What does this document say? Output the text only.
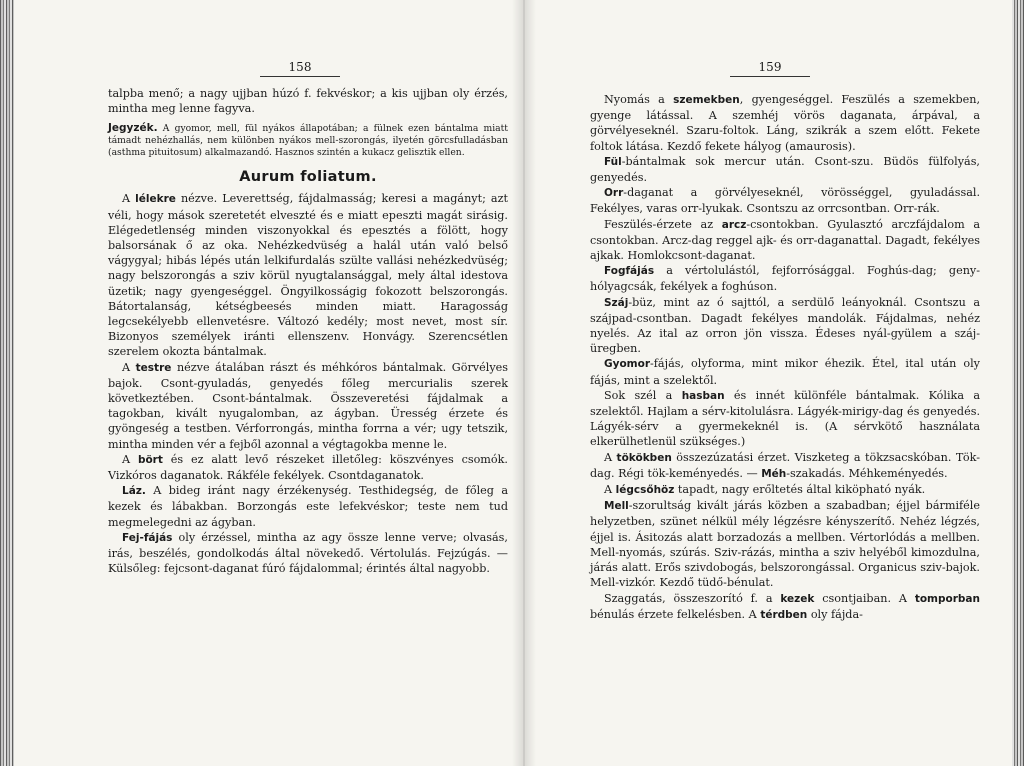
158

talpba menő; a nagy ujjban húzó f. fekvéskor; a kis ujjban oly érzés, mintha meg lenne fagyva.

Jegyzék. A gyomor, mell, fül nyákos állapotában; a fülnek ezen bántalma miatt támadt nehézhallás, nem különben nyákos mell-szorongás, ilyetén görcsfulladásban (asthma pituitosum) alkalmazandó. Hasznos szintén a kukacz gelisztik ellen.

Aurum foliatum.

A lélekre nézve. Leverettség, fájdalmasság; keresi a magányt; azt véli, hogy mások szeretetét elveszté és e miatt epeszti magát sirásig. Elégedetlenség minden viszonyokkal és epesztés a fölött, hogy balsorsának ő az oka. Nehézkedvüség a halál után való belső vágygyal; hibás lépés után lelkifurdalás szülte vallási nehézkedvüség; nagy belszorongás a sziv körül nyugtalansággal, mely által idestova üzetik; nagy gyengeséggel. Öngyilkosságig fokozott belszorongás. Bátortalanság, kétségbeesés minden miatt. Haragosság legcsekélyebb ellenvetésre. Változó kedély; most nevet, most sír. Bizonyos személyek iránti ellenszenv. Honvágy. Szerencsétlen szerelem okozta bántalmak.

A testre nézve átalában rászt és méhkóros bántalmak. Görvélyes bajok. Csont-gyuladás, genyedés főleg mercurialis szerek következtében. Csont-bántalmak. Összeveretési fájdalmak a tagokban, kivált nyugalomban, az ágyban. Üresség érzete és gyöngeség a testben. Vérforrongás, mintha forrna a vér; ugy tetszik, mintha minden vér a fejből azonnal a végtagokba menne le.

A bört és ez alatt levő részeket illetőleg: köszvényes csomók. Vizkóros daganatok. Rákféle fekélyek. Csontdaganatok.

Láz. A bideg iránt nagy érzékenység. Testhidegség, de főleg a kezek és lábakban. Borzongás este lefekvéskor; teste nem tud megmelegedni az ágyban.

Fej-fájás oly érzéssel, mintha az agy össze lenne verve; olvasás, irás, beszélés, gondolkodás által növekedő. Vértolulás. Fejzúgás. — Külsőleg: fejcsont-daganat fúró fájdalommal; érintés által nagyobb.

159

Nyomás a szemekben, gyengeséggel. Feszülés a szemekben, gyenge látással. A szemhéj vörös daganata, árpával, a görvélyeseknél. Szaru-foltok. Láng, szikrák a szem előtt. Fekete foltok látása. Kezdő fekete hályog (amaurosis).

Fül-bántalmak sok mercur után. Csont-szu. Büdös fülfolyás, genyedés.

Orr-daganat a görvélyeseknél, vörösséggel, gyuladással. Fekélyes, varas orr-lyukak. Csontszu az orrcsontban. Orr-rák.

Feszülés-érzete az arcz-csontokban. Gyulasztó arczfájdalom a csontokban. Arcz-dag reggel ajk- és orr-daganattal. Dagadt, fekélyes ajkak. Homlokcsont-daganat.

Fogfájás a vértolulástól, fejforrósággal. Foghús-dag; geny-hólyagcsák, fekélyek a foghúson.

Száj-büz, mint az ó sajttól, a serdülő leányoknál. Csontszu a szájpad-csontban. Dagadt fekélyes mandolák. Fájdalmas, nehéz nyelés. Az ital az orron jön vissza. Édeses nyál-gyülem a száj-üregben.

Gyomor-fájás, olyforma, mint mikor éhezik. Étel, ital után oly fájás, mint a szelektől.

Sok szél a hasban és innét különféle bántalmak. Kólika a szelektől. Hajlam a sérv-kitolulásra. Lágyék-mirigy-dag és genyedés. Lágyék-sérv a gyermekeknél is. (A sérvkötő használata elkerülhetlenül szükséges.)

A tökökben összezúzatási érzet. Viszketeg a tökzsacskóban. Tök-dag. Régi tök-keményedés. — Méh-szakadás. Méhkeményedés.

A légcsőhöz tapadt, nagy erőltetés által kiköpható nyák.

Mell-szorultság kivált járás közben a szabadban; éjjel bármiféle helyzetben, szünet nélkül mély légzésre kényszerítő. Nehéz légzés, éjjel is. Ásitozás alatt borzadozás a mellben. Vértorlódás a mellben. Mell-nyomás, szúrás. Sziv-rázás, mintha a sziv helyéből kimozdulna, járás alatt. Erős szivdobogás, belszorongással. Organicus sziv-bajok. Mell-vizkór. Kezdő tüdő-bénulat.

Szaggatás, összeszorító f. a kezek csontjaiban. A tomporban bénulás érzete felkelésben. A térdben oly fájda-
